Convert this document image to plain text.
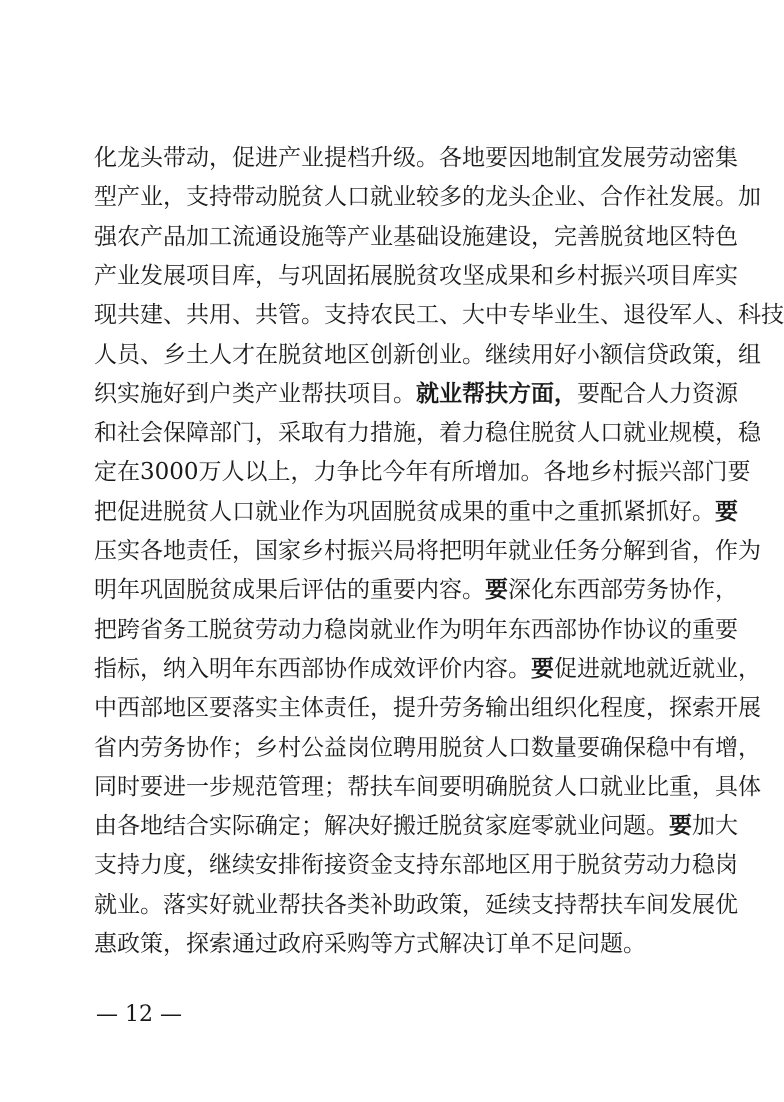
化龙头带动，促进产业提档升级。各地要因地制宜发展劳动密集
型产业，支持带动脱贫人口就业较多的龙头企业、合作社发展。加
强农产品加工流通设施等产业基础设施建设，完善脱贫地区特色
产业发展项目库，与巩固拓展脱贫攻坚成果和乡村振兴项目库实
现共建、共用、共管。支持农民工、大中专毕业生、退役军人、科技
人员、乡土人才在脱贫地区创新创业。继续用好小额信贷政策，组
织实施好到户类产业帮扶项目。就业帮扶方面，要配合人力资源
和社会保障部门，采取有力措施，着力稳住脱贫人口就业规模，稳
定在3000万人以上，力争比今年有所增加。各地乡村振兴部门要
把促进脱贫人口就业作为巩固脱贫成果的重中之重抓紧抓好。要
压实各地责任，国家乡村振兴局将把明年就业任务分解到省，作为
明年巩固脱贫成果后评估的重要内容。要深化东西部劳务协作，
把跨省务工脱贫劳动力稳岗就业作为明年东西部协作协议的重要
指标，纳入明年东西部协作成效评价内容。要促进就地就近就业，
中西部地区要落实主体责任，提升劳务输出组织化程度，探索开展
省内劳务协作；乡村公益岗位聘用脱贫人口数量要确保稳中有增，
同时要进一步规范管理；帮扶车间要明确脱贫人口就业比重，具体
由各地结合实际确定；解决好搬迁脱贫家庭零就业问题。要加大
支持力度，继续安排衔接资金支持东部地区用于脱贫劳动力稳岗
就业。落实好就业帮扶各类补助政策，延续支持帮扶车间发展优
惠政策，探索通过政府采购等方式解决订单不足问题。
— 12 —
